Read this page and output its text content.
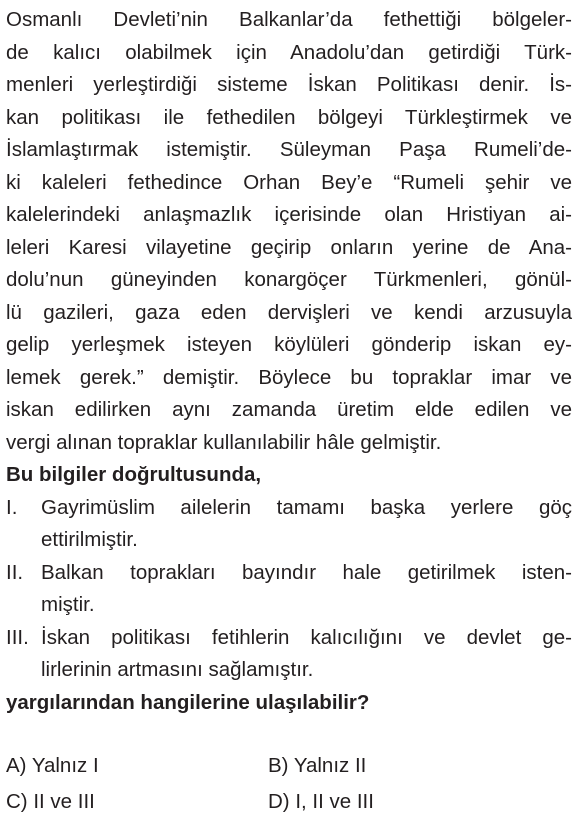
Osmanlı Devleti’nin Balkanlar’da fethettiği bölgeler-
de kalıcı olabilmek için Anadolu’dan getirdiği Türk-
menleri yerleştirdiği sisteme İskan Politikası denir. İs-
kan politikası ile fethedilen bölgeyi Türkleştirmek ve
İslamlaştırmak istemiştir. Süleyman Paşa Rumeli’de-
ki kaleleri fethedince Orhan Bey’e “Rumeli şehir ve
kalelerindeki anlaşmazlık içerisinde olan Hristiyan ai-
leleri Karesi vilayetine geçirip onların yerine de Ana-
dolu’nun güneyinden konargöçer Türkmenleri, gönül-
lü gazileri, gaza eden dervişleri ve kendi arzusuyla
gelip yerleşmek isteyen köylüleri gönderip iskan ey-
lemek gerek.” demiştir. Böylece bu topraklar imar ve
iskan edilirken aynı zamanda üretim elde edilen ve
vergi alınan topraklar kullanılabilir hâle gelmiştir.
Bu bilgiler doğrultusunda,
I. Gayrimüslim ailelerin tamamı başka yerlere göç
ettirilmiştir.
II. Balkan toprakları bayındır hale getirilmek isten-
miştir.
III. İskan politikası fetihlerin kalıcılığını ve devlet ge-
lirlerinin artmasını sağlamıştır.
yargılarından hangilerine ulaşılabilir?
A) Yalnız I	B) Yalnız II
C) II ve III	D) I, II ve III
